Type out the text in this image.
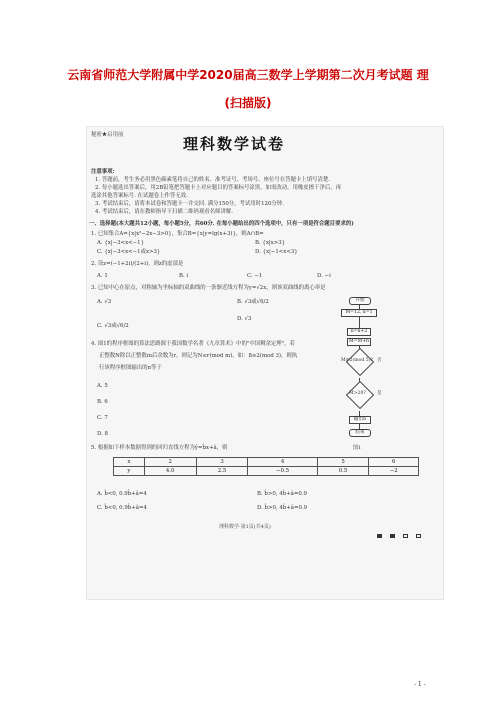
云南省师范大学附属中学2020届高三数学上学期第二次月考试题 理
(扫描版)
秘密★启用前	理科数学试卷
注意事项:
1. 答题前，考生务必用黑色碳素笔将自己的姓名、准考证号、考场号、座位号在答题卡上填写清楚.
2. 每小题选出答案后，用2B铅笔把答题卡上对应题目的答案标号涂黑，如需改动，用橡皮擦干净后，再
选涂其他答案标号. 在试题卷上作答无效.
3. 考试结束后，请将本试卷和答题卡一并交回. 满分150分，考试用时120分钟.
4. 考试结束后，请在教师指导下扫描二维码观看名师讲解.
一、选择题(本大题共12小题，每小题5分，共60分. 在每小题给出的四个选项中，只有一项是符合题目要求的)
1. 已知集合A={x|x²−2x−3>0}，集合B={x|y=lg(x+3)}，则A∩B=
A. {x|−3<x<−1}	B. {x|x>3}
C. {x|−3<x<−1或x>3}	D. {x|−1<x<3}
2. 设z=(−1+2i)/(2+i)，则z的虚部是
A. 1	B. i	C. −1	D. −i
3. 已知中心在原点，对称轴为坐标轴的双曲线的一条渐近线方程为y=√2x，则该双曲线的离心率是
A. √3	B. √3或√6/2
C. √3或√6/2
D. √3
4. 图1的程序框图的算法思路源于我国数学名著《九章算术》中的"中国剩余定理"，若
正整数N除以正整数m后余数为r，则记为N≡r(mod m)，如：8≡2(mod 3)，则执
行该程序框图输出的n等于
A. 5
B. 6
C. 7
D. 8
开始
M=12, n=1
n=n+2
M=M+n
M≡2(mod 5)? 否
M>20? 是
输出n
结束
图1
5. 根据如下样本数据得到的回归直线方程为ŷ=b̂x+â，则
x	2	3	4	5	6
y	4.0	2.5	−0.5	0.5	−2
A. b̂<0, 0.9b̂+â=4	B. b̂>0, 4b̂+â=0.9
C. b̂<0, 0.9b̂+â=4	D. b̂>0, 4b̂+â=0.9
理科数学·第1页(共4页)

- 1 -
